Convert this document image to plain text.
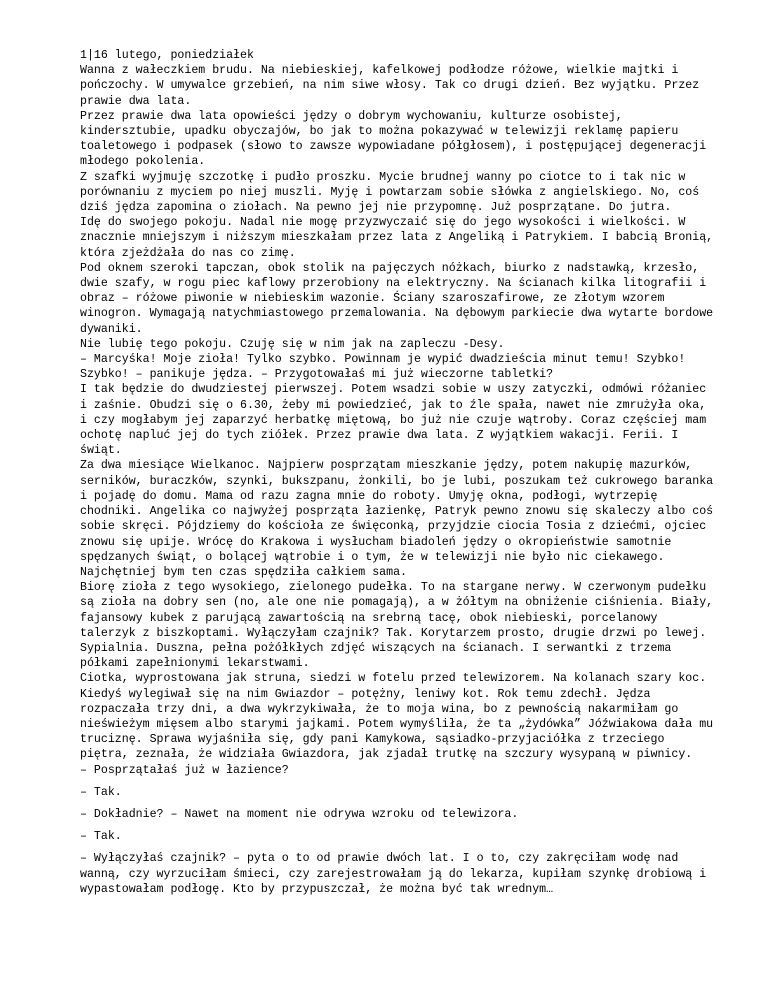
1|16 lutego, poniedziałek

Wanna z wałeczkiem brudu. Na niebieskiej, kafelkowej podłodze różowe, wielkie majtki i pończochy. W umywalce grzebień, na nim siwe włosy. Tak co drugi dzień. Bez wyjątku. Przez prawie dwa lata.

Przez prawie dwa lata opowieści jędzy o dobrym wychowaniu, kulturze osobistej, kindersztubie, upadku obyczajów, bo jak to można pokazywać w telewizji reklamę papieru toaletowego i podpasek (słowo to zawsze wypowiadane półgłosem), i postępującej degeneracji młodego pokolenia.

Z szafki wyjmuję szczotkę i pudło proszku. Mycie brudnej wanny po ciotce to i tak nic w porównaniu z myciem po niej muszli. Myję i powtarzam sobie słówka z angielskiego. No, coś dziś jędza zapomina o ziołach. Na pewno jej nie przypomnę. Już posprzątane. Do jutra.

Idę do swojego pokoju. Nadal nie mogę przyzwyczaić się do jego wysokości i wielkości. W znacznie mniejszym i niższym mieszkałam przez lata z Angeliką i Patrykiem. I babcią Bronią, która zjeżdżała do nas co zimę.

Pod oknem szeroki tapczan, obok stolik na pajęczych nóżkach, biurko z nadstawką, krzesło, dwie szafy, w rogu piec kaflowy przerobiony na elektryczny. Na ścianach kilka litografii i obraz – różowe piwonie w niebieskim wazonie. Ściany szaroszafirowe, ze złotym wzorem winogron. Wymagają natychmiastowego przemalowania. Na dębowym parkiecie dwa wytarte bordowe dywaniki.

Nie lubię tego pokoju. Czuję się w nim jak na zapleczu -Desy.

– Marcyśka! Moje zioła! Tylko szybko. Powinnam je wypić dwadzieścia minut temu! Szybko! Szybko! – panikuje jędza. – Przygotowałaś mi już wieczorne tabletki?

I tak będzie do dwudziestej pierwszej. Potem wsadzi sobie w uszy zatyczki, odmówi różaniec i zaśnie. Obudzi się o 6.30, żeby mi powiedzieć, jak to źle spała, nawet nie zmrużyła oka, i czy mogłabym jej zaparzyć herbatkę miętową, bo już nie czuje wątroby. Coraz częściej mam ochotę napluć jej do tych ziółek. Przez prawie dwa lata. Z wyjątkiem wakacji. Ferii. I świąt.

Za dwa miesiące Wielkanoc. Najpierw posprzątam mieszkanie jędzy, potem nakupię mazurków, serników, buraczków, szynki, bukszpanu, żonkili, bo je lubi, poszukam też cukrowego baranka i pojadę do domu. Mama od razu zagna mnie do roboty. Umyję okna, podłogi, wytrzepię chodniki. Angelika co najwyżej posprząta łazienkę, Patryk pewno znowu się skaleczy albo coś sobie skręci. Pójdziemy do kościoła ze święconką, przyjdzie ciocia Tosia z dziećmi, ojciec znowu się upije. Wrócę do Krakowa i wysłucham biadoleń jędzy o okropieństwie samotnie spędzanych świąt, o bolącej wątrobie i o tym, że w telewizji nie było nic ciekawego.

Najchętniej bym ten czas spędziła całkiem sama.

Biorę zioła z tego wysokiego, zielonego pudełka. To na stargane nerwy. W czerwonym pudełku są zioła na dobry sen (no, ale one nie pomagają), a w żółtym na obniżenie ciśnienia. Biały, fajansowy kubek z parującą zawartością na srebrną tacę, obok niebieski, porcelanowy talerzyk z biszkoptami. Wyłączyłam czajnik? Tak. Korytarzem prosto, drugie drzwi po lewej. Sypialnia. Duszna, pełna pożółkłych zdjęć wiszących na ścianach. I serwantki z trzema półkami zapełnionymi lekarstwami.

Ciotka, wyprostowana jak struna, siedzi w fotelu przed telewizorem. Na kolanach szary koc. Kiedyś wylegiwał się na nim Gwiazdor – potężny, leniwy kot. Rok temu zdechł. Jędza rozpaczała trzy dni, a dwa wykrzykiwała, że to moja wina, bo z pewnością nakarmiłam go nieświeżym mięsem albo starymi jajkami. Potem wymyśliła, że ta „żydówka” Jóźwiakowa dała mu truciznę. Sprawa wyjaśniła się, gdy pani Kamykowa, sąsiadko-przyjaciółka z trzeciego piętra, zeznała, że widziała Gwiazdora, jak zjadał trutkę na szczury wysypaną w piwnicy.

– Posprzątałaś już w łazience?

– Tak.

– Dokładnie? – Nawet na moment nie odrywa wzroku od telewizora.

– Tak.

– Wyłączyłaś czajnik? – pyta o to od prawie dwóch lat. I o to, czy zakręciłam wodę nad wanną, czy wyrzuciłam śmieci, czy zarejestrowałam ją do lekarza, kupiłam szynkę drobiową i wypastowałam podłogę. Kto by przypuszczał, że można być tak wrednym…
